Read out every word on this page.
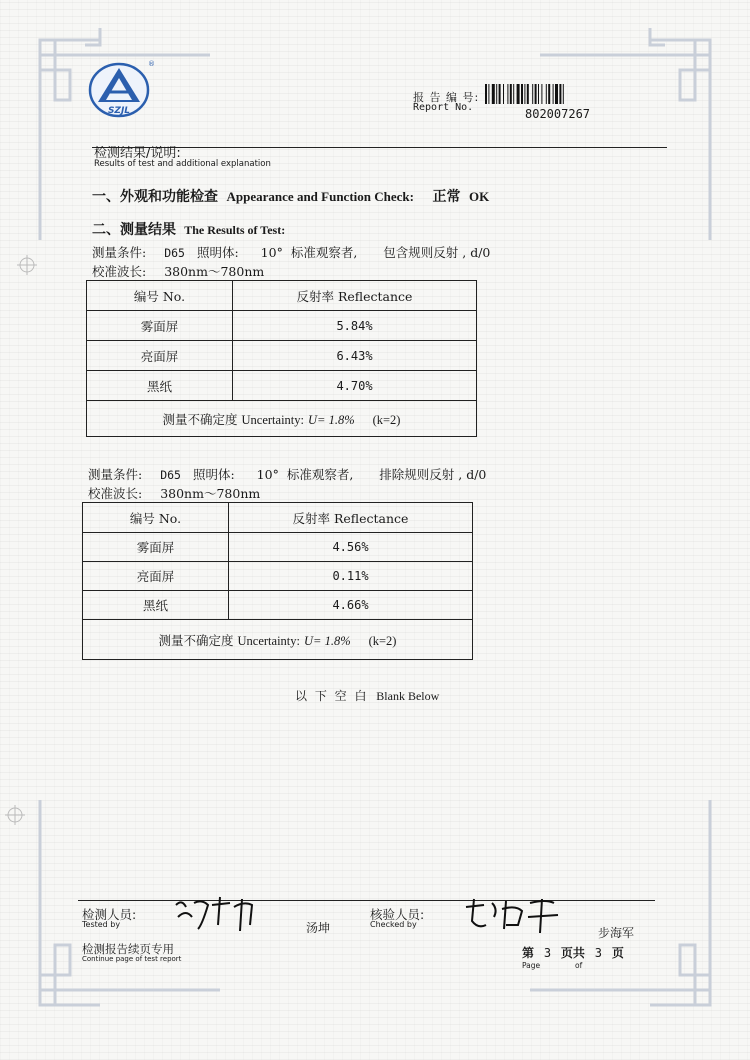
SZJL
®
报 告 编 号:
Report No.	802007267
检测结果/说明:
Results of test and additional explanation
一、外观和功能检查 Appearance and Function Check: 正常 OK
二、测量结果 The Results of Test:
测量条件: D65 照明体: 10° 标准观察者, 包含规则反射 , d/0
校准波长: 380nm～780nm
编号 No.	反射率 Reflectance
雾面屏	5.84%
亮面屏	6.43%
黑纸	4.70%
测量不确定度 Uncertainty: U= 1.8% (k=2)	
测量条件: D65 照明体: 10° 标准观察者, 排除规则反射 , d/0
校准波长: 380nm～780nm
编号 No.	反射率 Reflectance
雾面屏	4.56%
亮面屏	0.11%
黑纸	4.66%
测量不确定度 Uncertainty: U= 1.8% (k=2)	
以 下 空 白 Blank Below
检测人员:
Tested by	汤坤
核验人员:
Checked by
步海军
检测报告续页专用
Continue page of test report	第 3 页共 3 页
Page	of
